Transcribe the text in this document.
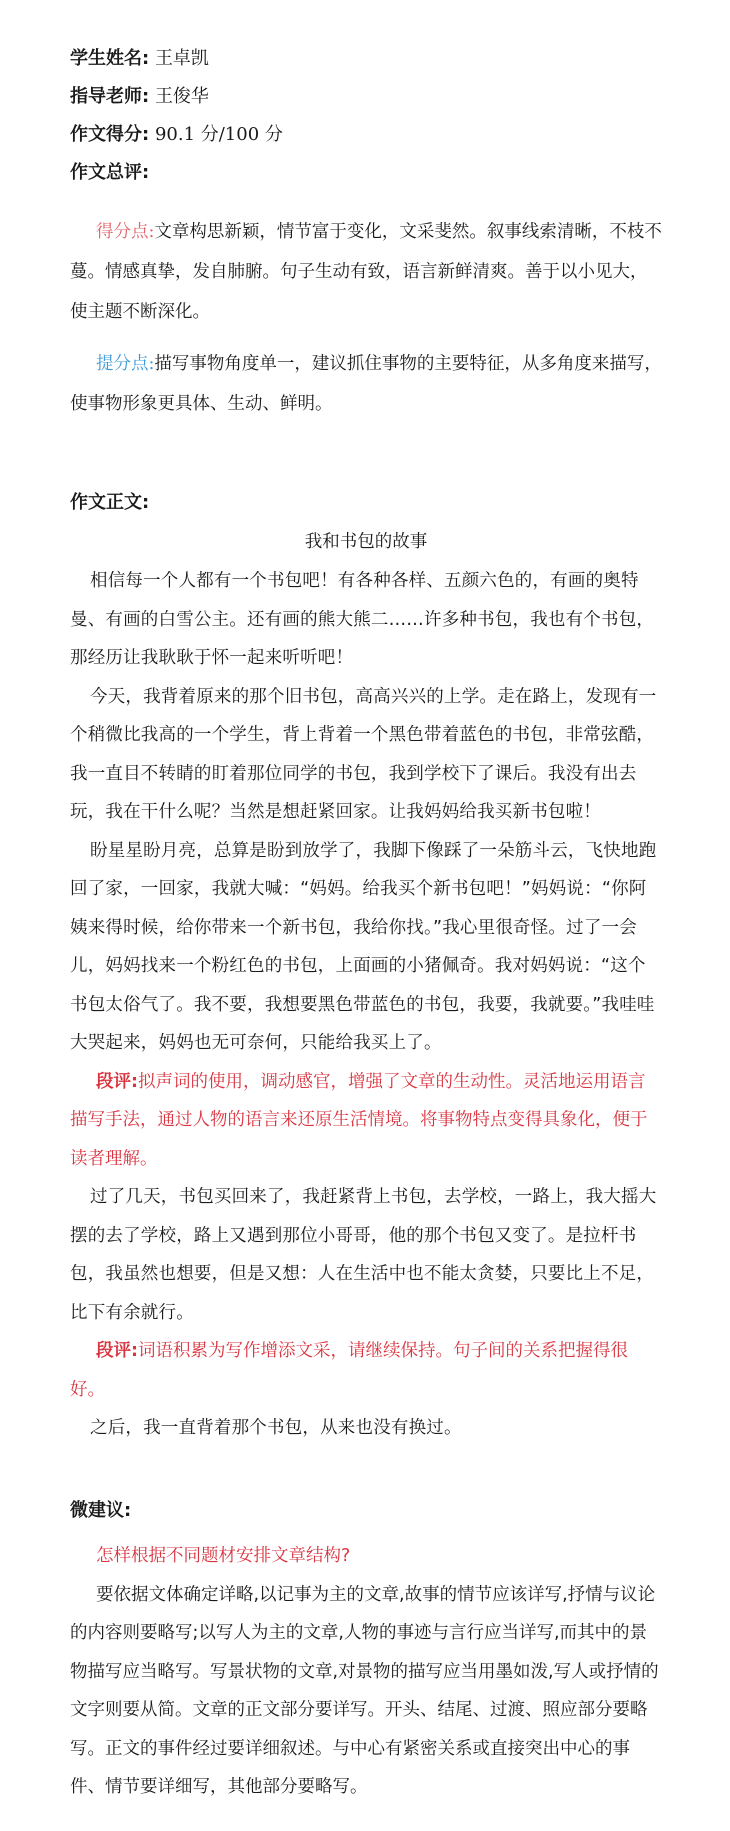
学生姓名: 王卓凯
指导老师: 王俊华
作文得分: 90.1 分/100 分
作文总评:

得分点:文章构思新颖，情节富于变化，文采斐然。叙事线索清晰，不枝不蔓。情感真挚，发自肺腑。句子生动有致，语言新鲜清爽。善于以小见大，使主题不断深化。

提分点:描写事物角度单一，建议抓住事物的主要特征，从多角度来描写，使事物形象更具体、生动、鲜明。

作文正文:

我和书包的故事

相信每一个人都有一个书包吧！有各种各样、五颜六色的，有画的奥特曼、有画的白雪公主。还有画的熊大熊二……许多种书包，我也有个书包，那经历让我耿耿于怀一起来听听吧！

今天，我背着原来的那个旧书包，高高兴兴的上学。走在路上，发现有一个稍微比我高的一个学生，背上背着一个黑色带着蓝色的书包，非常弦酷，我一直目不转睛的盯着那位同学的书包，我到学校下了课后。我没有出去玩，我在干什么呢？当然是想赶紧回家。让我妈妈给我买新书包啦！

盼星星盼月亮，总算是盼到放学了，我脚下像踩了一朵筋斗云，飞快地跑回了家，一回家，我就大喊：“妈妈。给我买个新书包吧！”妈妈说：“你阿姨来得时候，给你带来一个新书包，我给你找。”我心里很奇怪。过了一会儿，妈妈找来一个粉红色的书包，上面画的小猪佩奇。我对妈妈说：“这个书包太俗气了。我不要，我想要黑色带蓝色的书包，我要，我就要。”我哇哇大哭起来，妈妈也无可奈何，只能给我买上了。

段评:拟声词的使用，调动感官，增强了文章的生动性。灵活地运用语言描写手法，通过人物的语言来还原生活情境。将事物特点变得具象化，便于读者理解。

过了几天，书包买回来了，我赶紧背上书包，去学校，一路上，我大摇大摆的去了学校，路上又遇到那位小哥哥，他的那个书包又变了。是拉杆书包，我虽然也想要，但是又想：人在生活中也不能太贪婪，只要比上不足，比下有余就行。

段评:词语积累为写作增添文采，请继续保持。句子间的关系把握得很好。

之后，我一直背着那个书包，从来也没有换过。

微建议:

怎样根据不同题材安排文章结构?

要依据文体确定详略,以记事为主的文章,故事的情节应该详写,抒情与议论的内容则要略写;以写人为主的文章,人物的事迹与言行应当详写,而其中的景物描写应当略写。写景状物的文章,对景物的描写应当用墨如泼,写人或抒情的文字则要从简。文章的正文部分要详写。开头、结尾、过渡、照应部分要略写。正文的事件经过要详细叙述。与中心有紧密关系或直接突出中心的事件、情节要详细写，其他部分要略写。
